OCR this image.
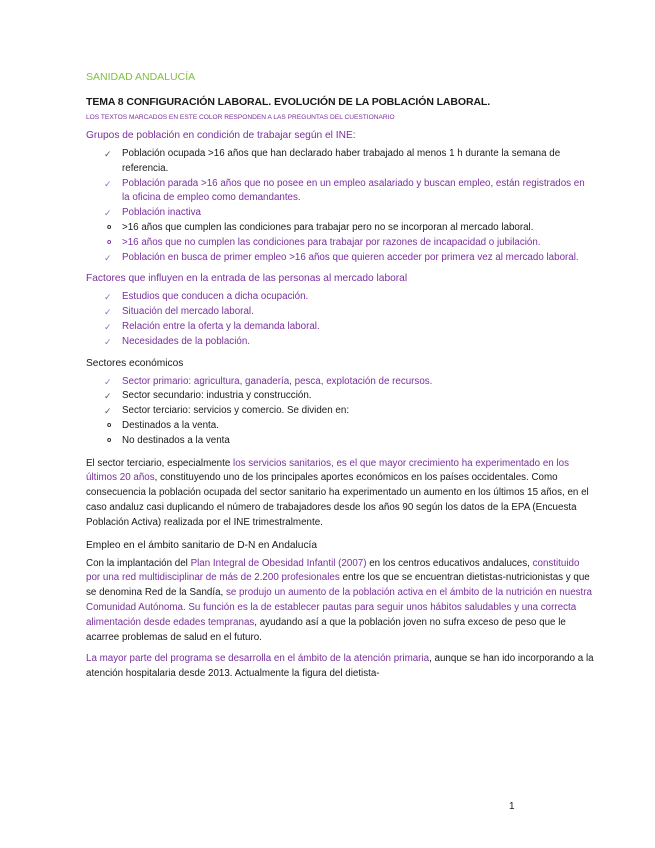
SANIDAD ANDALUCÍA
TEMA 8 CONFIGURACIÓN LABORAL. EVOLUCIÓN DE LA POBLACIÓN LABORAL.
LOS TEXTOS MARCADOS EN ESTE COLOR RESPONDEN A LAS PREGUNTAS DEL CUESTIONARIO
Grupos de población en condición de trabajar según el INE:
✓ Población ocupada >16 años que han declarado haber trabajado al menos 1 h durante la semana de referencia.
✓ Población parada >16 años que no posee en un empleo asalariado y buscan empleo, están registrados en la oficina de empleo como demandantes.
✓ Población inactiva
o	>16 años que cumplen las condiciones para trabajar pero no se incorporan al mercado laboral.
o >16 años que no cumplen las condiciones para trabajar por razones de incapacidad o jubilación.
✓ Población en busca de primer empleo >16 años que quieren acceder por primera vez al mercado laboral.
Factores que influyen en la entrada de las personas al mercado laboral
✓ Estudios que conducen a dicha ocupación.
✓ Situación del mercado laboral.
✓ Relación entre la oferta y la demanda laboral.
✓ Necesidades de la población.
Sectores económicos
✓ Sector primario: agricultura, ganadería, pesca, explotación de recursos.
✓ Sector secundario: industria y construcción.
✓ Sector terciario: servicios y comercio. Se dividen en:
o Destinados a la venta.
o No destinados a la venta

El sector terciario, especialmente los servicios sanitarios, es el que mayor crecimiento ha experimentado en los últimos 20 años, constituyendo uno de los principales aportes económicos en los países occidentales. Como consecuencia la población ocupada del sector sanitario ha experimentado un aumento en los últimos 15 años, en el caso andaluz casi duplicando el número de trabajadores desde los años 90 según los datos de la EPA (Encuesta Población Activa) realizada por el INE trimestralmente.

Empleo en el ámbito sanitario de D-N en Andalucía

Con la implantación del Plan Integral de Obesidad Infantil (2007) en los centros educativos andaluces, constituido por una red multidisciplinar de más de 2.200 profesionales entre los que se encuentran dietistas-nutricionistas y que se denomina Red de la Sandía, se produjo un aumento de la población activa en el ámbito de la nutrición en nuestra Comunidad Autónoma. Su función es la de establecer pautas para seguir unos hábitos saludables y una correcta alimentación desde edades tempranas, ayudando así a que la población joven no sufra exceso de peso que le acarree problemas de salud en el futuro.

La mayor parte del programa se desarrolla en el ámbito de la atención primaria, aunque se han ido incorporando a la atención hospitalaria desde 2013. Actualmente la figura del dietista-

1
